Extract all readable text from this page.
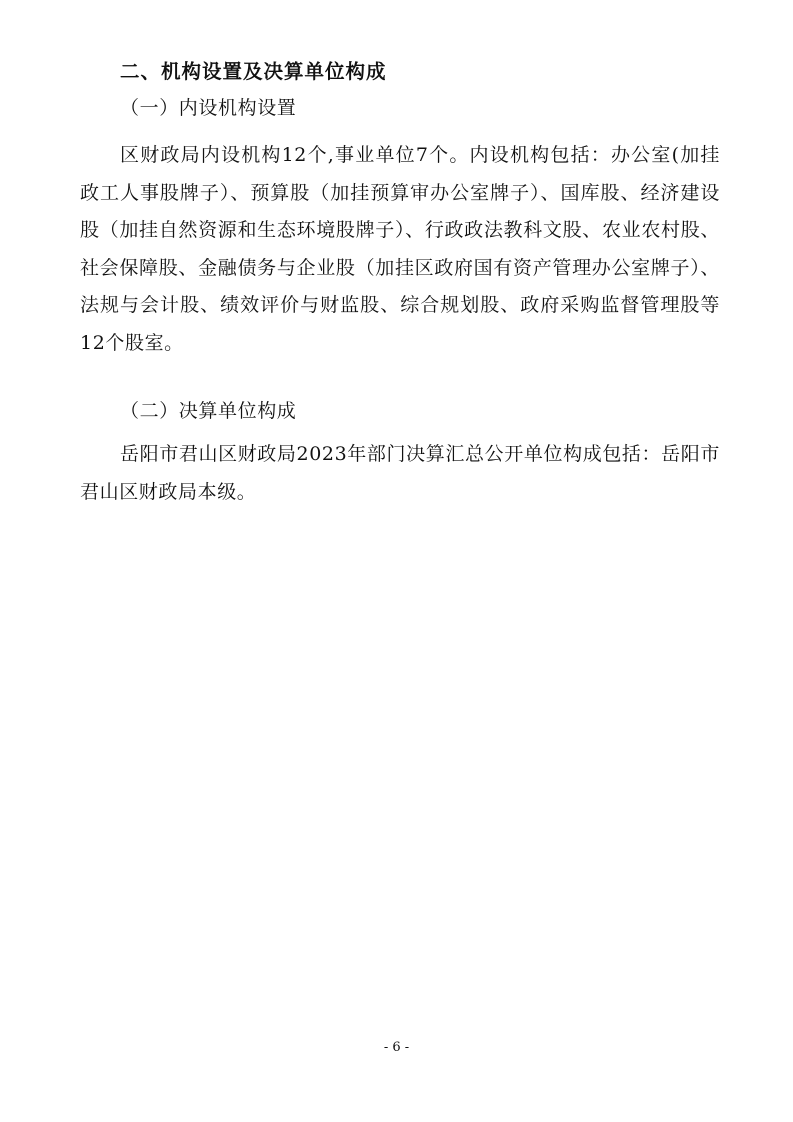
二、机构设置及决算单位构成
（一）内设机构设置
区财政局内设机构12个,事业单位7个。内设机构包括：办公室(加挂政工人事股牌子）、预算股（加挂预算审办公室牌子）、国库股、经济建设股（加挂自然资源和生态环境股牌子）、行政政法教科文股、农业农村股、社会保障股、金融债务与企业股（加挂区政府国有资产管理办公室牌子）、法规与会计股、绩效评价与财监股、综合规划股、政府采购监督管理股等12个股室。
（二）决算单位构成
岳阳市君山区财政局2023年部门决算汇总公开单位构成包括：岳阳市君山区财政局本级。
- 6 -
